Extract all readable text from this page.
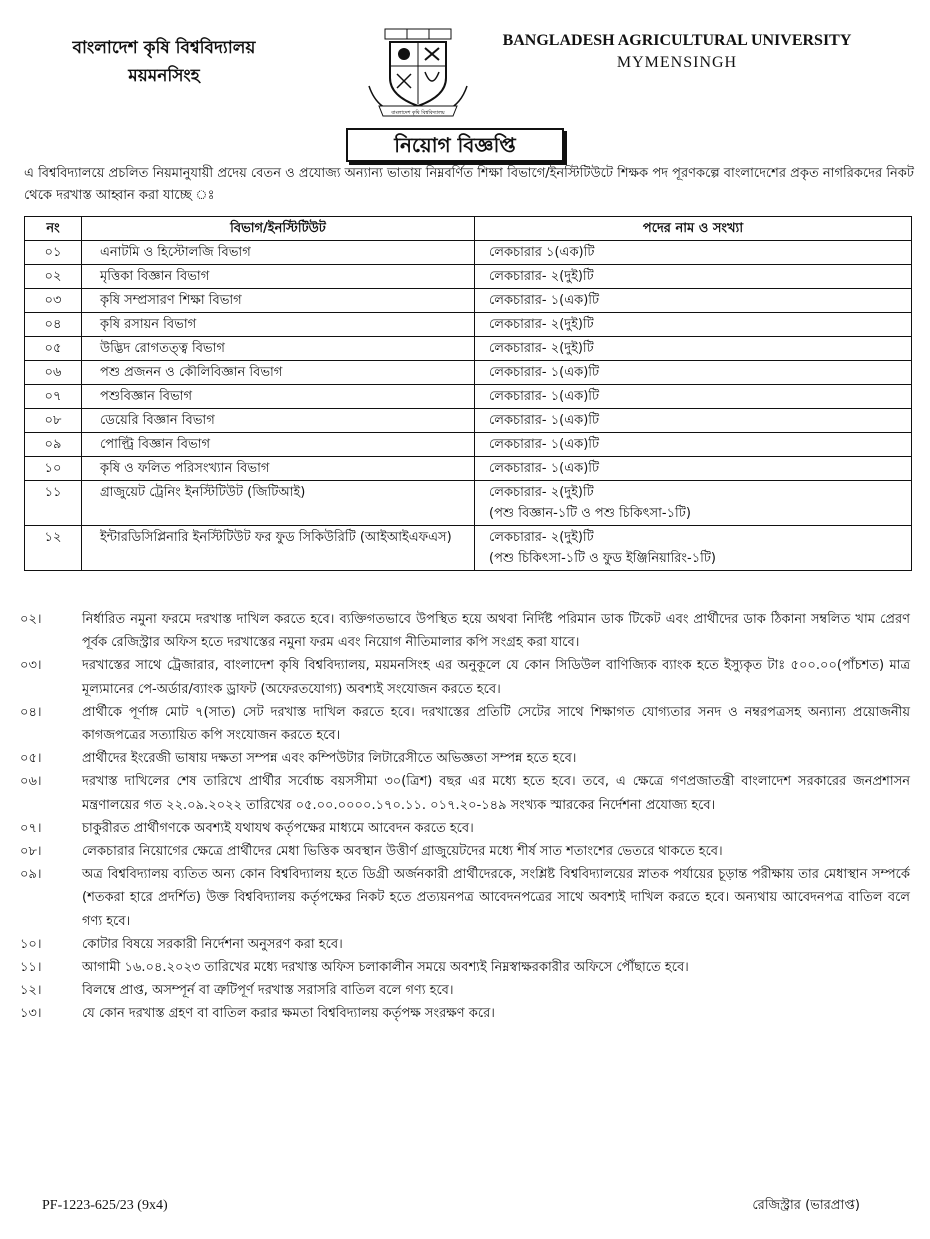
বাংলাদেশ কৃষি বিশ্ববিদ্যালয়
ময়মনসিংহ
বাংলাদেশ কৃষি বিশ্ববিদ্যালয়
BANGLADESH AGRICULTURAL UNIVERSITY
MYMENSINGH
নিয়োগ বিজ্ঞপ্তি
এ বিশ্ববিদ্যালয়ে প্রচলিত নিয়মানুযায়ী প্রদেয় বেতন ও প্রযোজ্য অন্যান্য ভাতায় নিম্নবর্ণিত শিক্ষা বিভাগে/ইনস্টিটিউটে শিক্ষক পদ পূরণকল্পে বাংলাদেশের প্রকৃত নাগরিকদের নিকট থেকে দরখাস্ত আহ্বান করা যাচ্ছে ঃ
নং	বিভাগ/ইনস্টিটিউট	পদের নাম ও সংখ্যা
০১	এনাটমি ও হিস্টোলজি বিভাগ	লেকচারার ১(এক)টি

০২	মৃত্তিকা বিজ্ঞান বিভাগ	লেকচারার- ২(দুই)টি

০৩	কৃষি সম্প্রসারণ শিক্ষা বিভাগ	লেকচারার- ১(এক)টি

০৪	কৃষি রসায়ন বিভাগ	লেকচারার- ২(দুই)টি

০৫	উদ্ভিদ রোগতত্ত্ব বিভাগ	লেকচারার- ২(দুই)টি

০৬	পশু প্রজনন ও কৌলিবিজ্ঞান বিভাগ	লেকচারার- ১(এক)টি

০৭	পশুবিজ্ঞান বিভাগ	লেকচারার- ১(এক)টি

০৮	ডেয়েরি বিজ্ঞান বিভাগ	লেকচারার- ১(এক)টি

০৯	পোল্ট্রি বিজ্ঞান বিভাগ	লেকচারার- ১(এক)টি

১০	কৃষি ও ফলিত পরিসংখ্যান বিভাগ	লেকচারার- ১(এক)টি

১১	গ্রাজুয়েট ট্রেনিং ইনস্টিটিউট (জিটিআই)	লেকচারার- ২(দুই)টি
(পশু বিজ্ঞান-১টি ও পশু চিকিৎসা-১টি)

১২	ইন্টারডিসিপ্লিনারি ইনস্টিটিউট ফর ফুড সিকিউরিটি (আইআইএফএস)	লেকচারার- ২(দুই)টি
(পশু চিকিৎসা-১টি ও ফুড ইঞ্জিনিয়ারিং-১টি)
০২।	নির্ধারিত নমুনা ফরমে দরখাস্ত দাখিল করতে হবে। ব্যক্তিগতভাবে উপস্থিত হয়ে অথবা নির্দিষ্ট পরিমান ডাক টিকেট এবং প্রার্থীদের ডাক ঠিকানা সম্বলিত খাম প্রেরণ পূর্বক রেজিস্ট্রার অফিস হতে দরখাস্তের নমুনা ফরম এবং নিয়োগ নীতিমালার কপি সংগ্রহ করা যাবে।
০৩।	দরখাস্তের সাথে ট্রেজারার, বাংলাদেশ কৃষি বিশ্ববিদ্যালয়, ময়মনসিংহ এর অনুকূলে যে কোন সিডিউল বাণিজ্যিক ব্যাংক হতে ইস্যুকৃত টাঃ ৫০০.০০(পাঁচশত) মাত্র মূল্যমানের পে-অর্ডার/ব্যাংক ড্রাফট (অফেরতযোগ্য) অবশ্যই সংযোজন করতে হবে।
০৪।	প্রার্থীকে পূর্ণাঙ্গ মোট ৭(সাত) সেট দরখাস্ত দাখিল করতে হবে। দরখাস্তের প্রতিটি সেটের সাথে শিক্ষাগত যোগ্যতার সনদ ও নম্বরপত্রসহ অন্যান্য প্রয়োজনীয় কাগজপত্রের সত্যায়িত কপি সংযোজন করতে হবে।
০৫।	প্রার্থীদের ইংরেজী ভাষায় দক্ষতা সম্পন্ন এবং কম্পিউটার লিটারেসীতে অভিজ্ঞতা সম্পন্ন হতে হবে।
০৬।	দরখাস্ত দাখিলের শেষ তারিখে প্রার্থীর সর্বোচ্চ বয়সসীমা ৩০(ত্রিশ) বছর এর মধ্যে হতে হবে। তবে, এ ক্ষেত্রে গণপ্রজাতন্ত্রী বাংলাদেশ সরকারের জনপ্রশাসন মন্ত্রণালয়ের গত ২২.০৯.২০২২ তারিখের ০৫.০০.০০০০.১৭০.১১. ০১৭.২০-১৪৯ সংখ্যক স্মারকের নির্দেশনা প্রযোজ্য হবে।
০৭।	চাকুরীরত প্রার্থীগণকে অবশ্যই যথাযথ কর্তৃপক্ষের মাধ্যমে আবেদন করতে হবে।
০৮।	লেকচারার নিয়োগের ক্ষেত্রে প্রার্থীদের মেধা ভিত্তিক অবস্থান উত্তীর্ণ গ্রাজুয়েটদের মধ্যে শীর্ষ সাত শতাংশের ভেতরে থাকতে হবে।
০৯।	অত্র বিশ্ববিদ্যালয় ব্যতিত অন্য কোন বিশ্ববিদ্যালয় হতে ডিগ্রী অর্জনকারী প্রার্থীদেরকে, সংশ্লিষ্ট বিশ্ববিদ্যালয়ের স্নাতক পর্যায়ের চূড়ান্ত পরীক্ষায় তার মেধাস্থান সম্পর্কে (শতকরা হারে প্রদর্শিত) উক্ত বিশ্ববিদ্যালয় কর্তৃপক্ষের নিকট হতে প্রত্যয়নপত্র আবেদনপত্রের সাথে অবশ্যই দাখিল করতে হবে। অন্যথায় আবেদনপত্র বাতিল বলে গণ্য হবে।
১০।	কোটার বিষয়ে সরকারী নির্দেশনা অনুসরণ করা হবে।
১১।	আগামী ১৬.০৪.২০২৩ তারিখের মধ্যে দরখাস্ত অফিস চলাকালীন সময়ে অবশ্যই নিম্নস্বাক্ষরকারীর অফিসে পৌঁছাতে হবে।
১২।	বিলম্বে প্রাপ্ত, অসম্পূর্ন বা ত্রুটিপূর্ণ দরখাস্ত সরাসরি বাতিল বলে গণ্য হবে।
১৩।	যে কোন দরখাস্ত গ্রহণ বা বাতিল করার ক্ষমতা বিশ্ববিদ্যালয় কর্তৃপক্ষ সংরক্ষণ করে।
PF-1223-625/23 (9x4)	রেজিস্ট্রার (ভারপ্রাপ্ত)
